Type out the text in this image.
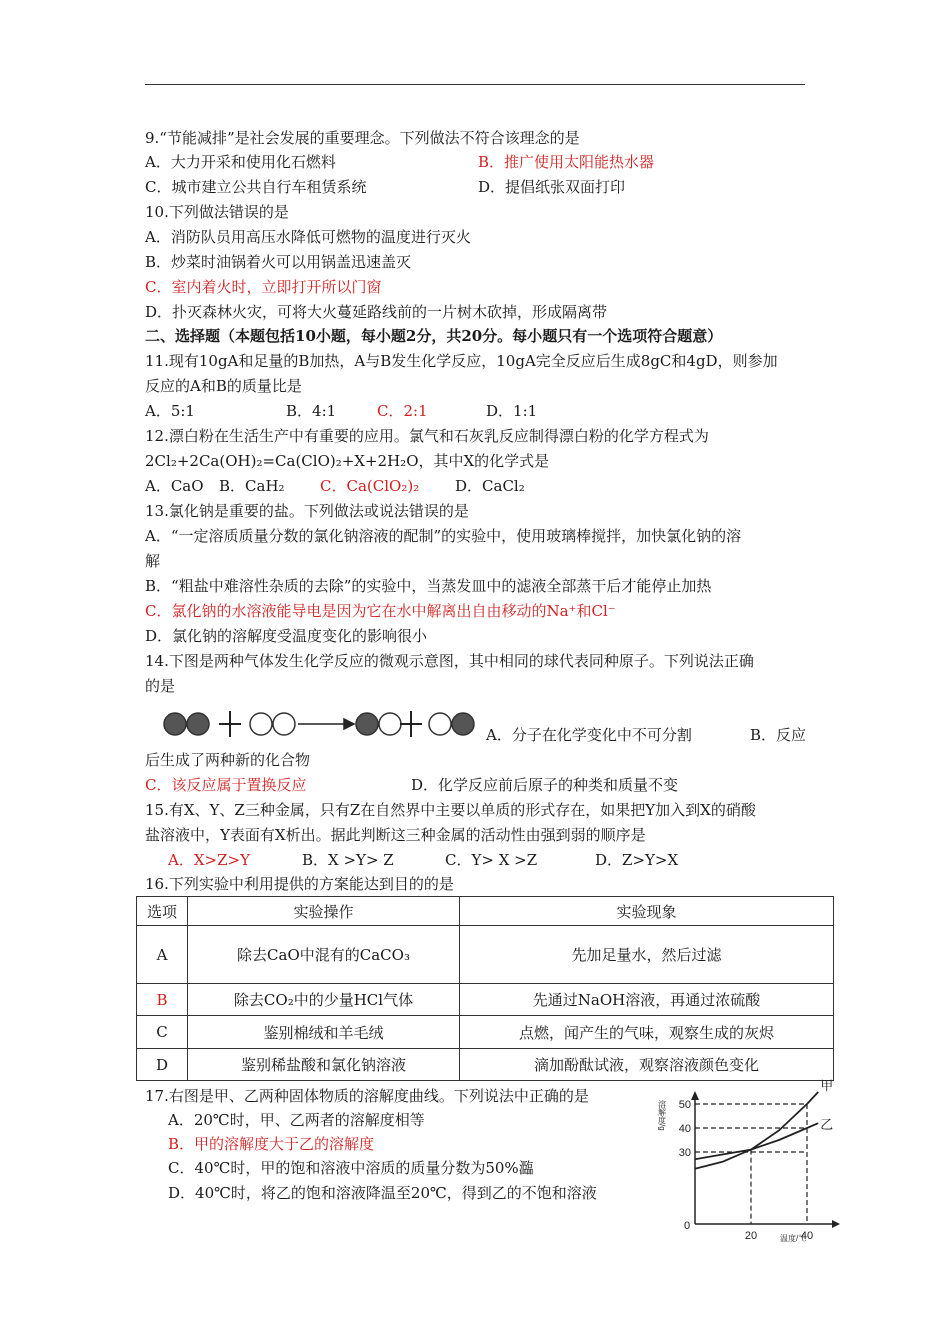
9.“节能减排”是社会发展的重要理念。下列做法不符合该理念的是
A．大力开采和使用化石燃料	B．推广使用太阳能热水器
C．城市建立公共自行车租赁系统	D．提倡纸张双面打印
10.下列做法错误的是
A．消防队员用高压水降低可燃物的温度进行灭火
B．炒菜时油锅着火可以用锅盖迅速盖灭
C．室内着火时，立即打开所以门窗
D．扑灭森林火灾，可将大火蔓延路线前的一片树木砍掉，形成隔离带
二、选择题（本题包括10小题，每小题2分，共20分。每小题只有一个选项符合题意）
11.现有10gA和足量的B加热，A与B发生化学反应，10gA完全反应后生成8gC和4gD，则参加
反应的A和B的质量比是
A．5:1	B．4:1	C．2:1	D．1:1
12.漂白粉在生活生产中有重要的应用。氯气和石灰乳反应制得漂白粉的化学方程式为
2Cl₂+2Ca(OH)₂=Ca(ClO)₂+X+2H₂O，其中X的化学式是
A．CaO B．CaH₂ C．Ca(ClO₂)₂ D．CaCl₂
13.氯化钠是重要的盐。下列做法或说法错误的是
A．“一定溶质质量分数的氯化钠溶液的配制”的实验中，使用玻璃棒搅拌，加快氯化钠的溶
解
B．“粗盐中难溶性杂质的去除”的实验中，当蒸发皿中的滤液全部蒸干后才能停止加热
C．氯化钠的水溶液能导电是因为它在水中解离出自由移动的Na⁺和Cl⁻
D．氯化钠的溶解度受温度变化的影响很小
14.下图是两种气体发生化学反应的微观示意图，其中相同的球代表同种原子。下列说法正确
的是
A．分子在化学变化中不可分割	B．反应
后生成了两种新的化合物
C．该反应属于置换反应	D．化学反应前后原子的种类和质量不变
15.有X、Y、Z三种金属，只有Z在自然界中主要以单质的形式存在，如果把Y加入到X的硝酸
盐溶液中，Y表面有X析出。据此判断这三种金属的活动性由强到弱的顺序是
A．X>Z>Y	B．X >Y> Z	C．Y> X >Z	D．Z>Y>X
16.下列实验中利用提供的方案能达到目的的是
选项	实验操作	实验现象
A	除去CaO中混有的CaCO₃	先加足量水，然后过滤
B	除去CO₂中的少量HCl气体	先通过NaOH溶液，再通过浓硫酸
C	鉴别棉绒和羊毛绒	点燃，闻产生的气味，观察生成的灰烬
D	鉴别稀盐酸和氯化钠溶液	滴加酚酞试液，观察溶液颜色变化
17.右图是甲、乙两种固体物质的溶解度曲线。下列说法中正确的是
A．20℃时，甲、乙两者的溶解度相等
B．甲的溶解度大于乙的溶解度
C．40℃时，甲的饱和溶液中溶质的质量分数为50%瀶
D．40℃时，将乙的饱和溶液降温至20℃，得到乙的不饱和溶液
溶解度/g
温度/℃
0
30
40
50
20	40
甲
乙
